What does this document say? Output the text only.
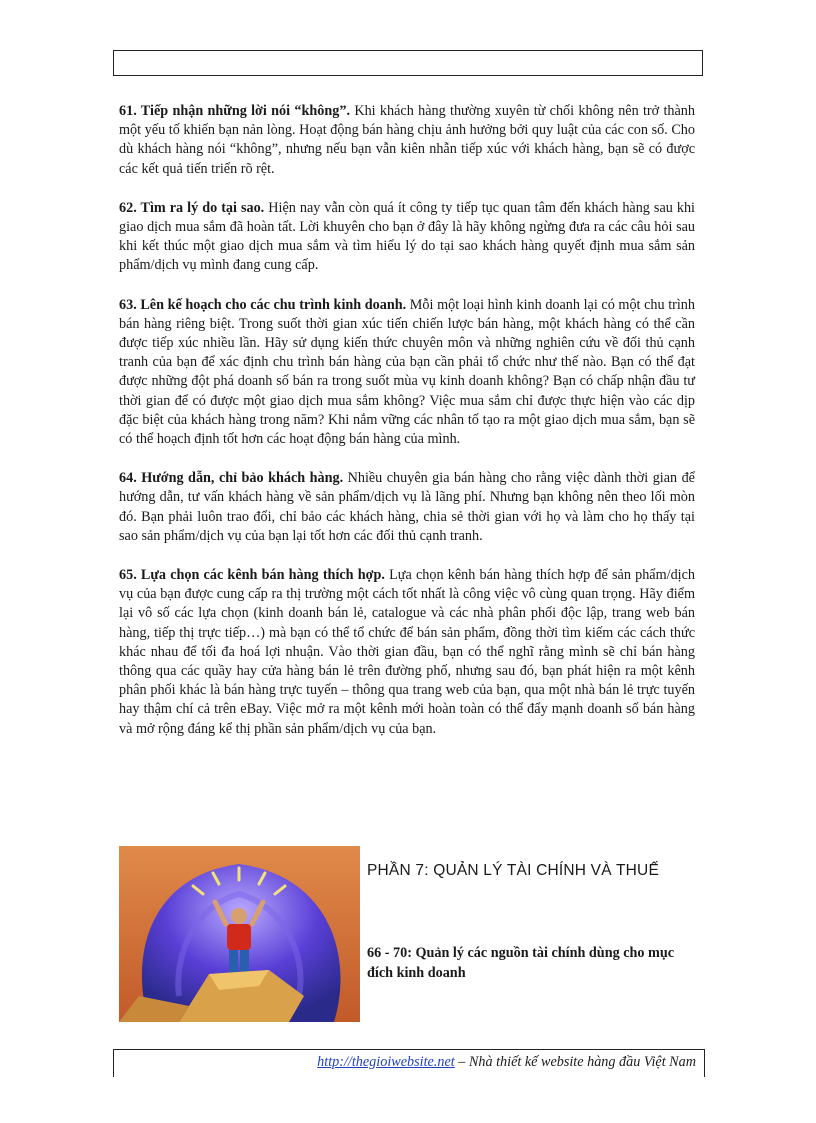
61. Tiếp nhận những lời nói “không”. Khi khách hàng thường xuyên từ chối không nên trở thành một yếu tố khiến bạn nản lòng. Hoạt động bán hàng chịu ảnh hưởng bởi quy luật của các con số. Cho dù khách hàng nói “không”, nhưng nếu bạn vẫn kiên nhẫn tiếp xúc với khách hàng, bạn sẽ có được các kết quả tiến triển rõ rệt.

62. Tìm ra lý do tại sao. Hiện nay vẫn còn quá ít công ty tiếp tục quan tâm đến khách hàng sau khi giao dịch mua sắm đã hoàn tất. Lời khuyên cho bạn ở đây là hãy không ngừng đưa ra các câu hỏi sau khi kết thúc một giao dịch mua sắm và tìm hiểu lý do tại sao khách hàng quyết định mua sắm sản phẩm/dịch vụ mình đang cung cấp.

63. Lên kế hoạch cho các chu trình kinh doanh. Mỗi một loại hình kinh doanh lại có một chu trình bán hàng riêng biệt. Trong suốt thời gian xúc tiến chiến lược bán hàng, một khách hàng có thể cần được tiếp xúc nhiều lần. Hãy sử dụng kiến thức chuyên môn và những nghiên cứu về đối thủ cạnh tranh của bạn để xác định chu trình bán hàng của bạn cần phải tổ chức như thế nào. Bạn có thể đạt được những đột phá doanh số bán ra trong suốt mùa vụ kinh doanh không? Bạn có chấp nhận đầu tư thời gian để có được một giao dịch mua sắm không? Việc mua sắm chỉ được thực hiện vào các dịp đặc biệt của khách hàng trong năm? Khi nắm vững các nhân tố tạo ra một giao dịch mua sắm, bạn sẽ có thể hoạch định tốt hơn các hoạt động bán hàng của mình.

64. Hướng dẫn, chỉ bảo khách hàng. Nhiều chuyên gia bán hàng cho rằng việc dành thời gian để hướng dẫn, tư vấn khách hàng về sản phẩm/dịch vụ là lãng phí. Nhưng bạn không nên theo lối mòn đó. Bạn phải luôn trao đổi, chỉ bảo các khách hàng, chia sẻ thời gian với họ và làm cho họ thấy tại sao sản phẩm/dịch vụ của bạn lại tốt hơn các đối thủ cạnh tranh.

65. Lựa chọn các kênh bán hàng thích hợp. Lựa chọn kênh bán hàng thích hợp để sản phẩm/dịch vụ của bạn được cung cấp ra thị trường một cách tốt nhất là công việc vô cùng quan trọng. Hãy điểm lại vô số các lựa chọn (kinh doanh bán lẻ, catalogue và các nhà phân phối độc lập, trang web bán hàng, tiếp thị trực tiếp…) mà bạn có thể tổ chức để bán sản phẩm, đồng thời tìm kiếm các cách thức khác nhau để tối đa hoá lợi nhuận. Vào thời gian đầu, bạn có thể nghĩ rằng mình sẽ chỉ bán hàng thông qua các quầy hay cửa hàng bán lẻ trên đường phố, nhưng sau đó, bạn phát hiện ra một kênh phân phối khác là bán hàng trực tuyến – thông qua trang web của bạn, qua một nhà bán lẻ trực tuyến hay thậm chí cả trên eBay. Việc mở ra một kênh mới hoàn toàn có thể đẩy mạnh doanh số bán hàng và mở rộng đáng kể thị phần sản phẩm/dịch vụ của bạn.

PHẦN 7: QUẢN LÝ TÀI CHÍNH VÀ THUẾ
66 - 70: Quản lý các nguồn tài chính dùng cho mục đích kinh doanh
http://thegioiwebsite.net – Nhà thiết kế website hàng đầu Việt Nam
